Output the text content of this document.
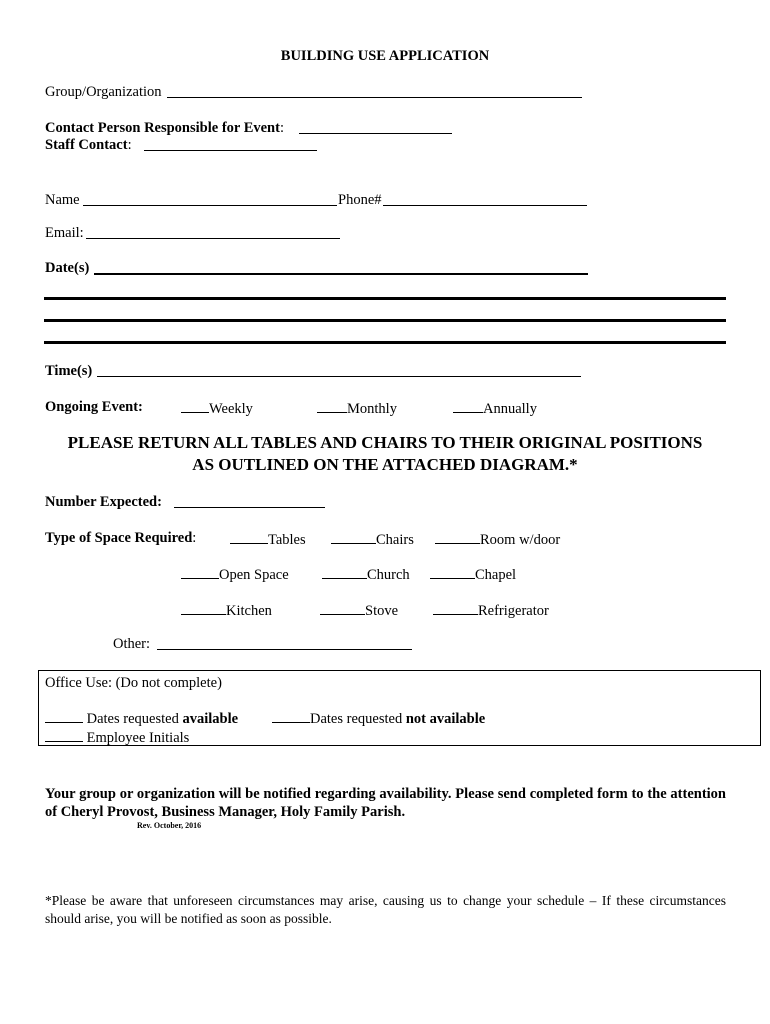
BUILDING USE APPLICATION
Group/Organization
Contact Person Responsible for Event:
Staff Contact:
Name	Phone#
Email:
Date(s)
Time(s)
Ongoing Event:	Weekly	Monthly	Annually
PLEASE RETURN ALL TABLES AND CHAIRS TO THEIR ORIGINAL POSITIONS
AS OUTLINED ON THE ATTACHED DIAGRAM.*
Number Expected:
Type of Space Required:	Tables	Chairs	Room w/door
Open Space	Church	Chapel
Kitchen	Stove	Refrigerator
Other:
Office Use: (Do not complete)
Dates requested available	Dates requested not available
Employee Initials
Your group or organization will be notified regarding availability. Please send completed form to the attention of Cheryl Provost, Business Manager, Holy Family Parish.
Rev. October, 2016
*Please be aware that unforeseen circumstances may arise, causing us to change your schedule – If these circumstances should arise, you will be notified as soon as possible.
